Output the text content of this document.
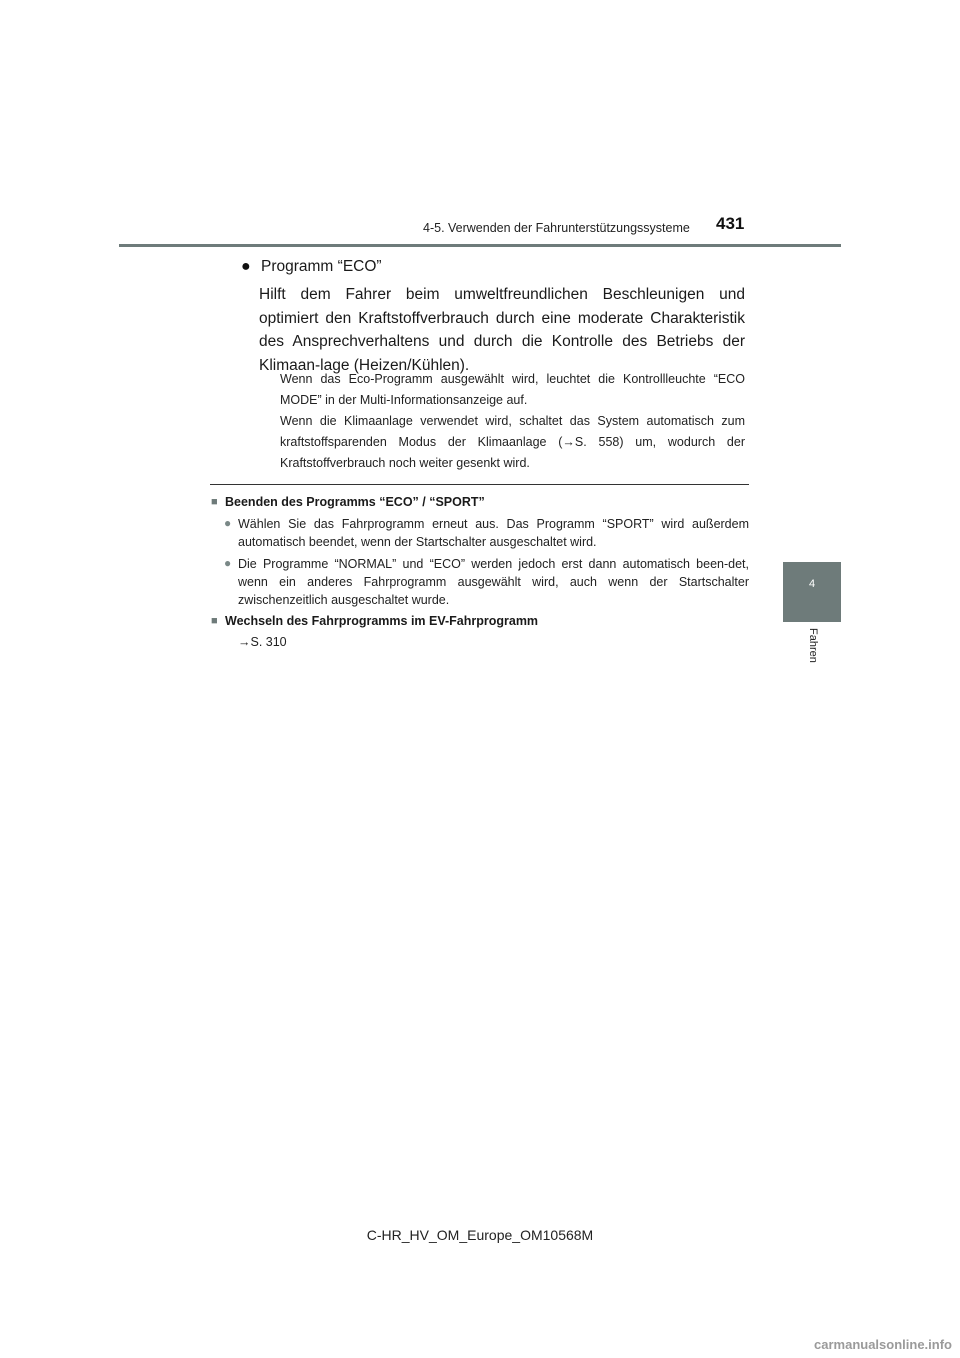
4-5. Verwenden der Fahrunterstützungssysteme 431
4
Fahren
● Programm “ECO”
Hilft dem Fahrer beim umweltfreundlichen Beschleunigen und optimiert den Kraftstoffverbrauch durch eine moderate Charakteristik des Ansprechverhaltens und durch die Kontrolle des Betriebs der Klimaan-lage (Heizen/Kühlen).
Wenn das Eco-Programm ausgewählt wird, leuchtet die Kontrollleuchte “ECO MODE” in der Multi-Informationsanzeige auf.
Wenn die Klimaanlage verwendet wird, schaltet das System automatisch zum kraftstoffsparenden Modus der Klimaanlage (→S. 558) um, wodurch der Kraftstoffverbrauch noch weiter gesenkt wird.
■ Beenden des Programms “ECO” / “SPORT”
● Wählen Sie das Fahrprogramm erneut aus. Das Programm “SPORT” wird außerdem automatisch beendet, wenn der Startschalter ausgeschaltet wird.
● Die Programme “NORMAL” und “ECO” werden jedoch erst dann automatisch been-det, wenn ein anderes Fahrprogramm ausgewählt wird, auch wenn der Startschalter zwischenzeitlich ausgeschaltet wurde.
■ Wechseln des Fahrprogramms im EV-Fahrprogramm
→S. 310
C-HR_HV_OM_Europe_OM10568M
carmanualsonline.info
